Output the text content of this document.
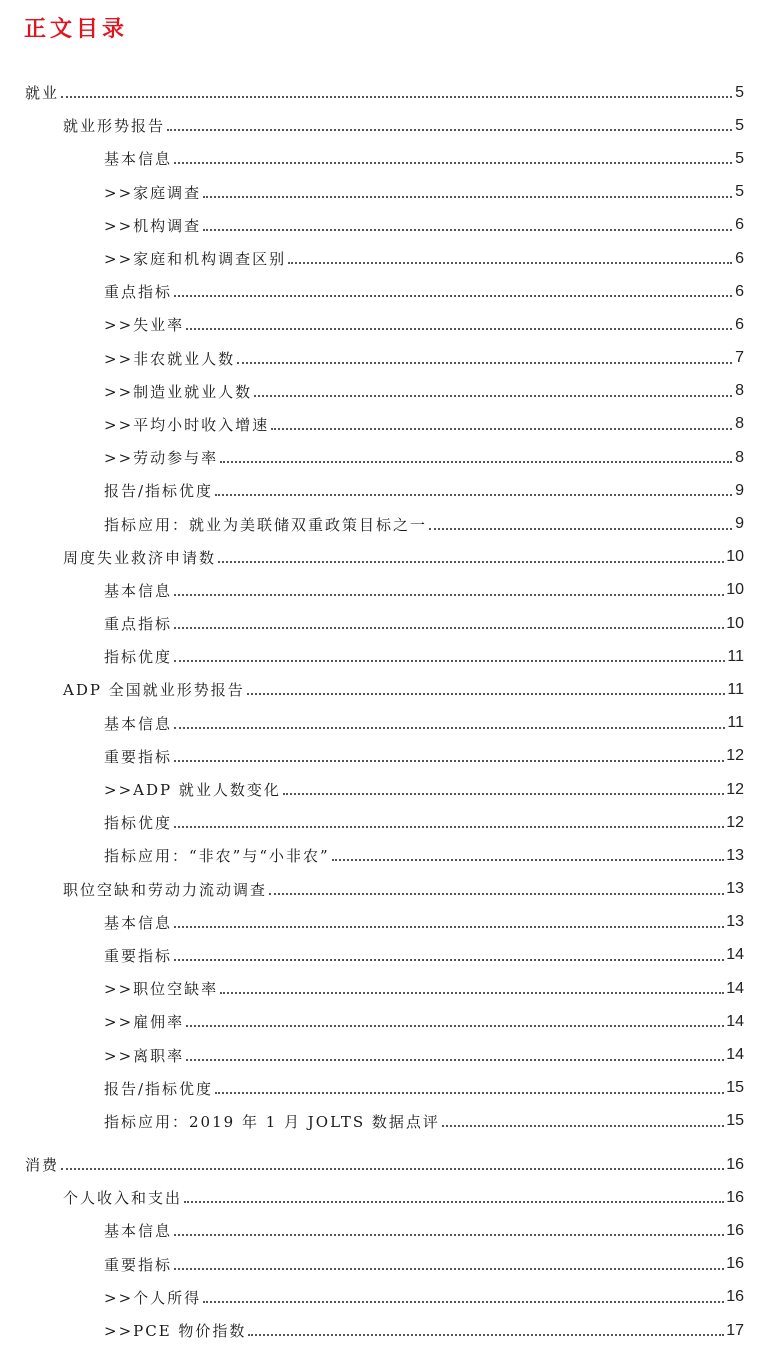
正文目录
就业	5
就业形势报告	5
基本信息	5
>>家庭调查	5
>>机构调查	6
>>家庭和机构调查区别	6
重点指标	6
>>失业率	6
>>非农就业人数	7
>>制造业就业人数	8
>>平均小时收入增速	8
>>劳动参与率	8
报告/指标优度	9
指标应用：就业为美联储双重政策目标之一	9
周度失业救济申请数	10
基本信息	10
重点指标	10
指标优度	11
ADP 全国就业形势报告	11
基本信息	11
重要指标	12
>>ADP 就业人数变化	12
指标优度	12
指标应用：“非农”与“小非农”	13
职位空缺和劳动力流动调查	13
基本信息	13
重要指标	14
>>职位空缺率	14
>>雇佣率	14
>>离职率	14
报告/指标优度	15
指标应用：2019 年 1 月 JOLTS 数据点评	15
消费	16
个人收入和支出	16
基本信息	16
重要指标	16
>>个人所得	16
>>PCE 物价指数	17
